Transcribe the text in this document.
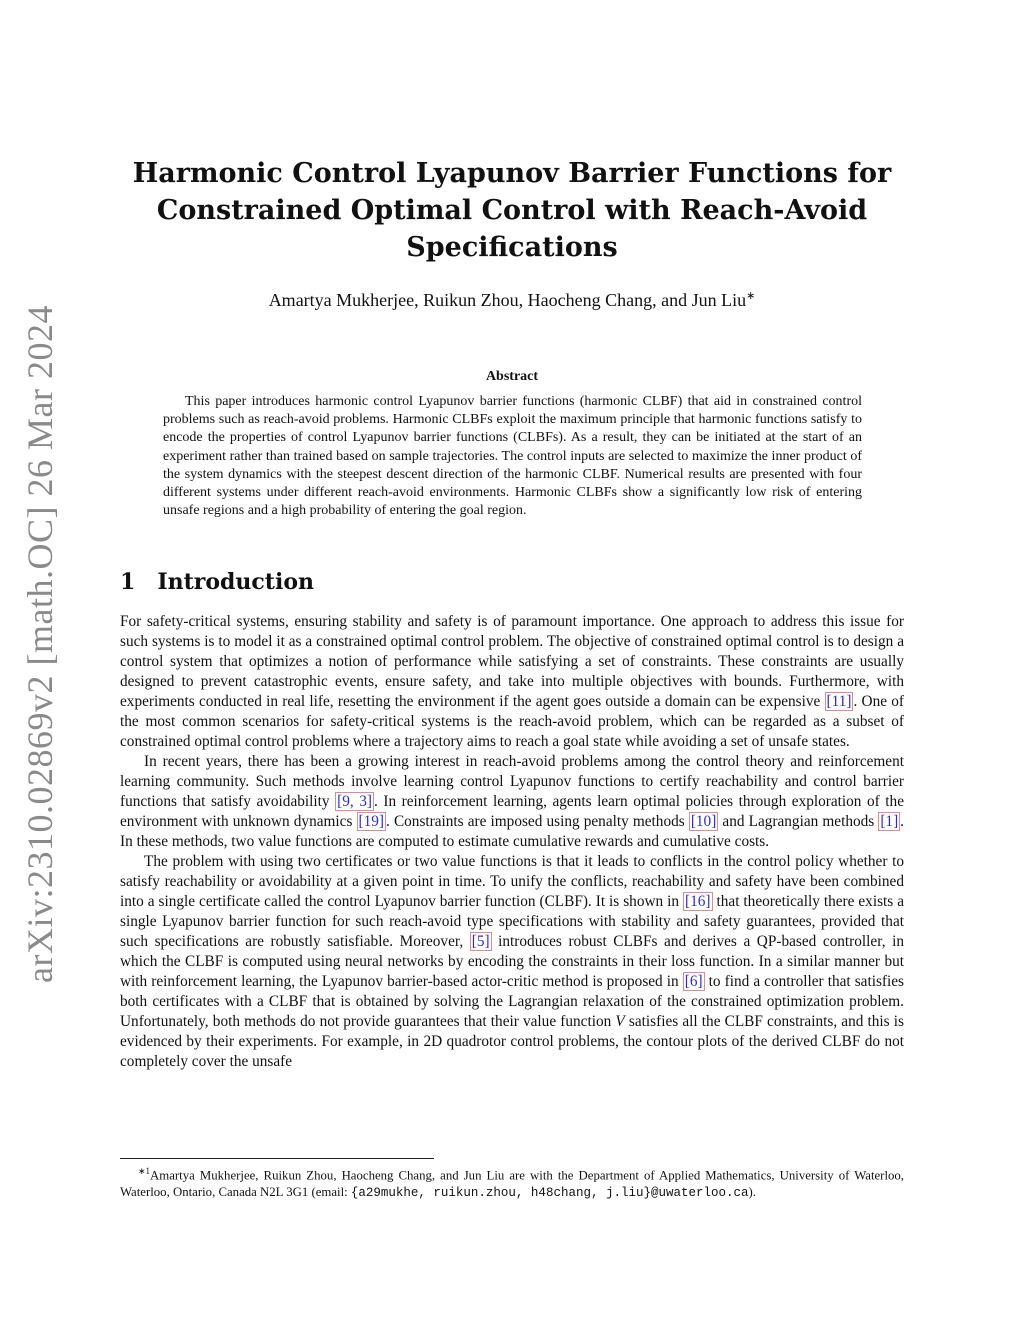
arXiv:2310.02869v2 [math.OC] 26 Mar 2024
Harmonic Control Lyapunov Barrier Functions for
Constrained Optimal Control with Reach-Avoid
Specifications
Amartya Mukherjee, Ruikun Zhou, Haocheng Chang, and Jun Liu∗
Abstract

This paper introduces harmonic control Lyapunov barrier functions (harmonic CLBF) that aid in constrained control problems such as reach-avoid problems. Harmonic CLBFs exploit the maximum principle that harmonic functions satisfy to encode the properties of control Lyapunov barrier functions (CLBFs). As a result, they can be initiated at the start of an experiment rather than trained based on sample trajectories. The control inputs are selected to maximize the inner product of the system dynamics with the steepest descent direction of the harmonic CLBF. Numerical results are presented with four different systems under different reach-avoid environments. Harmonic CLBFs show a significantly low risk of entering unsafe regions and a high probability of entering the goal region.

1 Introduction

For safety-critical systems, ensuring stability and safety is of paramount importance. One approach to address this issue for such systems is to model it as a constrained optimal control problem. The objective of constrained optimal control is to design a control system that optimizes a notion of performance while satisfying a set of constraints. These constraints are usually designed to prevent catastrophic events, ensure safety, and take into multiple objectives with bounds. Furthermore, with experiments conducted in real life, resetting the environment if the agent goes outside a domain can be expensive [11] . One of the most common scenarios for safety-critical systems is the reach-avoid problem, which can be regarded as a subset of constrained optimal control problems where a trajectory aims to reach a goal state while avoiding a set of unsafe states.

In recent years, there has been a growing interest in reach-avoid problems among the control theory and reinforcement learning community. Such methods involve learning control Lyapunov functions to certify reachability and control barrier functions that satisfy avoidability [9, 3] . In reinforcement learning, agents learn optimal policies through exploration of the environment with unknown dynamics [19] . Constraints are imposed using penalty methods [10] and Lagrangian methods [1] . In these methods, two value functions are computed to estimate cumulative rewards and cumulative costs.

The problem with using two certificates or two value functions is that it leads to conflicts in the control policy whether to satisfy reachability or avoidability at a given point in time. To unify the conflicts, reachability and safety have been combined into a single certificate called the control Lyapunov barrier function (CLBF). It is shown in [16] that theoretically there exists a single Lyapunov barrier function for such reach-avoid type specifications with stability and safety guarantees, provided that such specifications are robustly satisfiable. Moreover, [5] introduces robust CLBFs and derives a QP-based controller, in which the CLBF is computed using neural networks by encoding the constraints in their loss function. In a similar manner but with reinforcement learning, the Lyapunov barrier-based actor-critic method is proposed in [6] to find a controller that satisfies both certificates with a CLBF that is obtained by solving the Lagrangian relaxation of the constrained optimization problem. Unfortunately, both methods do not provide guarantees that their value function V satisfies all the CLBF constraints, and this is evidenced by their experiments. For example, in 2D quadrotor control problems, the contour plots of the derived CLBF do not completely cover the unsafe

$^{∗1}$Amartya Mukherjee, Ruikun Zhou, Haocheng Chang, and Jun Liu are with the Department of Applied Mathematics, University of Waterloo, Waterloo, Ontario, Canada N2L 3G1 (email: {a29mukhe, ruikun.zhou, h48chang, j.liu}@uwaterloo.ca).
